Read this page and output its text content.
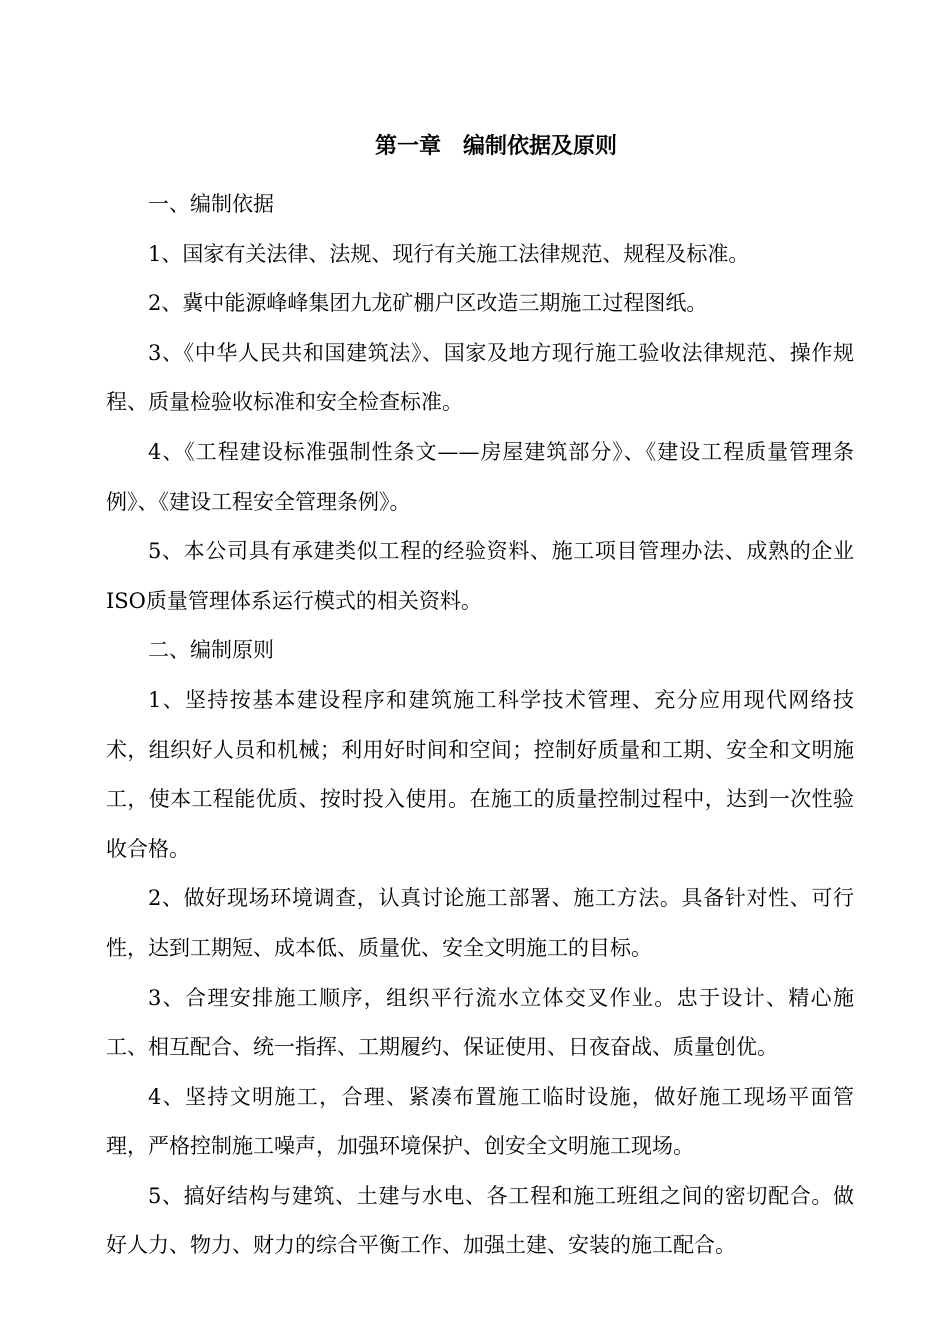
第一章　编制依据及原则

一、编制依据

1、国家有关法律、法规、现行有关施工法律规范、规程及标准。

2、冀中能源峰峰集团九龙矿棚户区改造三期施工过程图纸。

3、《中华人民共和国建筑法》、国家及地方现行施工验收法律规范、操作规程、质量检验收标准和安全检查标准。

4、《工程建设标准强制性条文——房屋建筑部分》、《建设工程质量管理条例》、《建设工程安全管理条例》。

5、本公司具有承建类似工程的经验资料、施工项目管理办法、成熟的企业ISO质量管理体系运行模式的相关资料。

二、编制原则

1、坚持按基本建设程序和建筑施工科学技术管理、充分应用现代网络技术，组织好人员和机械；利用好时间和空间；控制好质量和工期、安全和文明施工，使本工程能优质、按时投入使用。在施工的质量控制过程中，达到一次性验收合格。

2、做好现场环境调查，认真讨论施工部署、施工方法。具备针对性、可行性，达到工期短、成本低、质量优、安全文明施工的目标。

3、合理安排施工顺序，组织平行流水立体交叉作业。忠于设计、精心施工、相互配合、统一指挥、工期履约、保证使用、日夜奋战、质量创优。

4、坚持文明施工，合理、紧凑布置施工临时设施，做好施工现场平面管理，严格控制施工噪声，加强环境保护、创安全文明施工现场。

5、搞好结构与建筑、土建与水电、各工程和施工班组之间的密切配合。做好人力、物力、财力的综合平衡工作、加强土建、安装的施工配合。
